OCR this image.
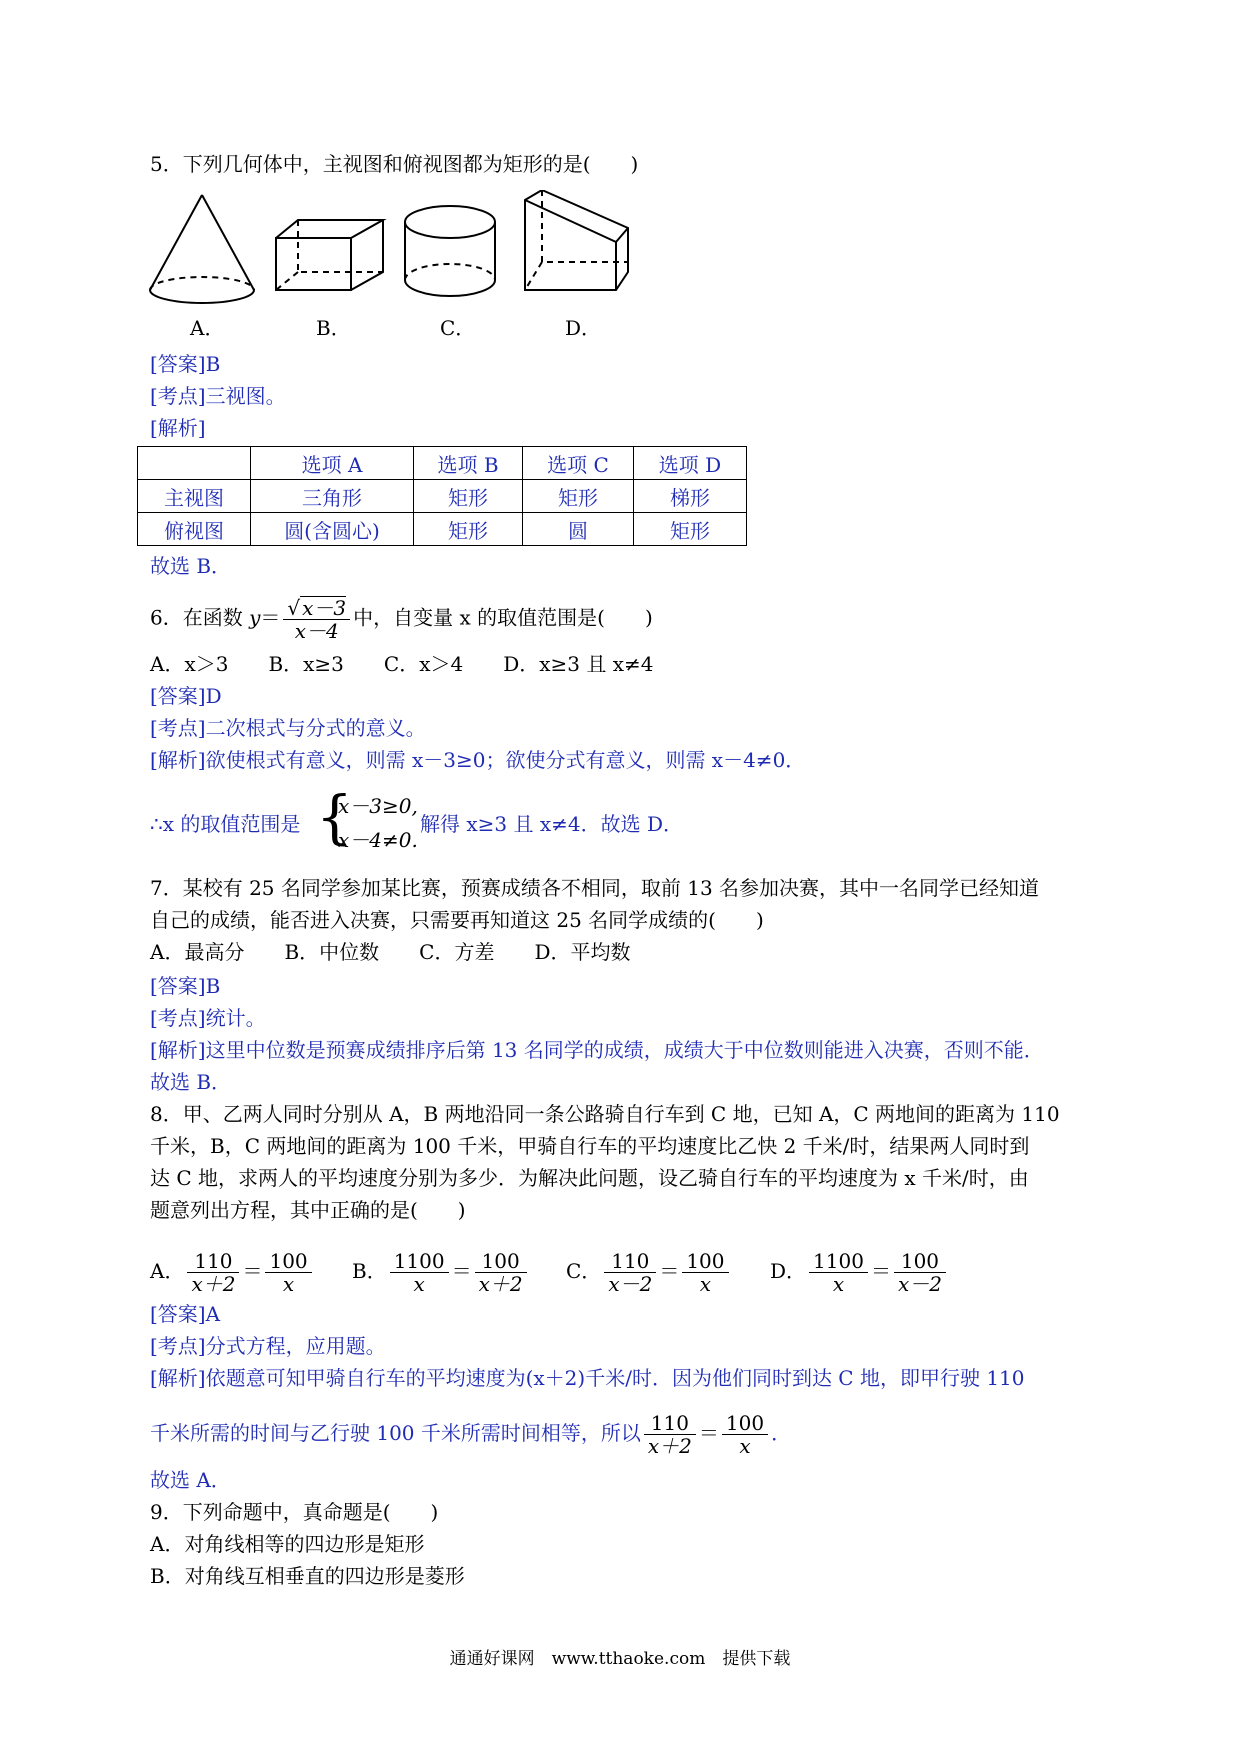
5．下列几何体中，主视图和俯视图都为矩形的是(　　)
A．	B．	C．	D．
[答案]B
[考点]三视图。
[解析]
	选项 A	选项 B	选项 C	选项 D
主视图	三角形	矩形	矩形	梯形
俯视图	圆(含圆心)	矩形	圆	矩形
故选 B．
6．在函数 $y= \frac{√ x-3}{x-4}$ 中，自变量 x 的取值范围是(　　)
A．x＞3　　B．x≥3　　C．x＞4　　D．x≥3 且 x≠4
[答案]D
[考点]二次根式与分式的意义。
[解析]欲使根式有意义，则需 x－3≥0；欲使分式有意义，则需 x－4≠0．
∴x 的取值范围是 {
x－3≥0,
x－4≠0.
解得 x≥3 且 x≠4．故选 D．
7．某校有 25 名同学参加某比赛，预赛成绩各不相同，取前 13 名参加决赛，其中一名同学已经知道
自己的成绩，能否进入决赛，只需要再知道这 25 名同学成绩的(　　)
A．最高分　　B．中位数　　C．方差　　D．平均数
[答案]B
[考点]统计。
[解析]这里中位数是预赛成绩排序后第 13 名同学的成绩，成绩大于中位数则能进入决赛，否则不能．
故选 B．
8．甲、乙两人同时分别从 A，B 两地沿同一条公路骑自行车到 C 地，已知 A，C 两地间的距离为 110
千米，B，C 两地间的距离为 100 千米，甲骑自行车的平均速度比乙快 2 千米/时，结果两人同时到
达 C 地，求两人的平均速度分别为多少．为解决此问题，设乙骑自行车的平均速度为 x 千米/时，由
题意列出方程，其中正确的是(　　)
A． $\frac{110}{x+2} = \frac{100}{x}$ B． $\frac{1100}{x} = \frac{100}{x+2}$ C． $\frac{110}{x-2} = \frac{100}{x}$ D． $\frac{1100}{x} = \frac{100}{x-2}$
[答案]A
[考点]分式方程，应用题。
[解析]依题意可知甲骑自行车的平均速度为(x＋2)千米/时．因为他们同时到达 C 地，即甲行驶 110
千米所需的时间与乙行驶 100 千米所需时间相等，所以 $\frac{110}{x+2} = \frac{100}{x}$ ．
故选 A．
9．下列命题中，真命题是(　　)
A．对角线相等的四边形是矩形
B．对角线互相垂直的四边形是菱形
通通好课网　www.tthaoke.com　提供下载
